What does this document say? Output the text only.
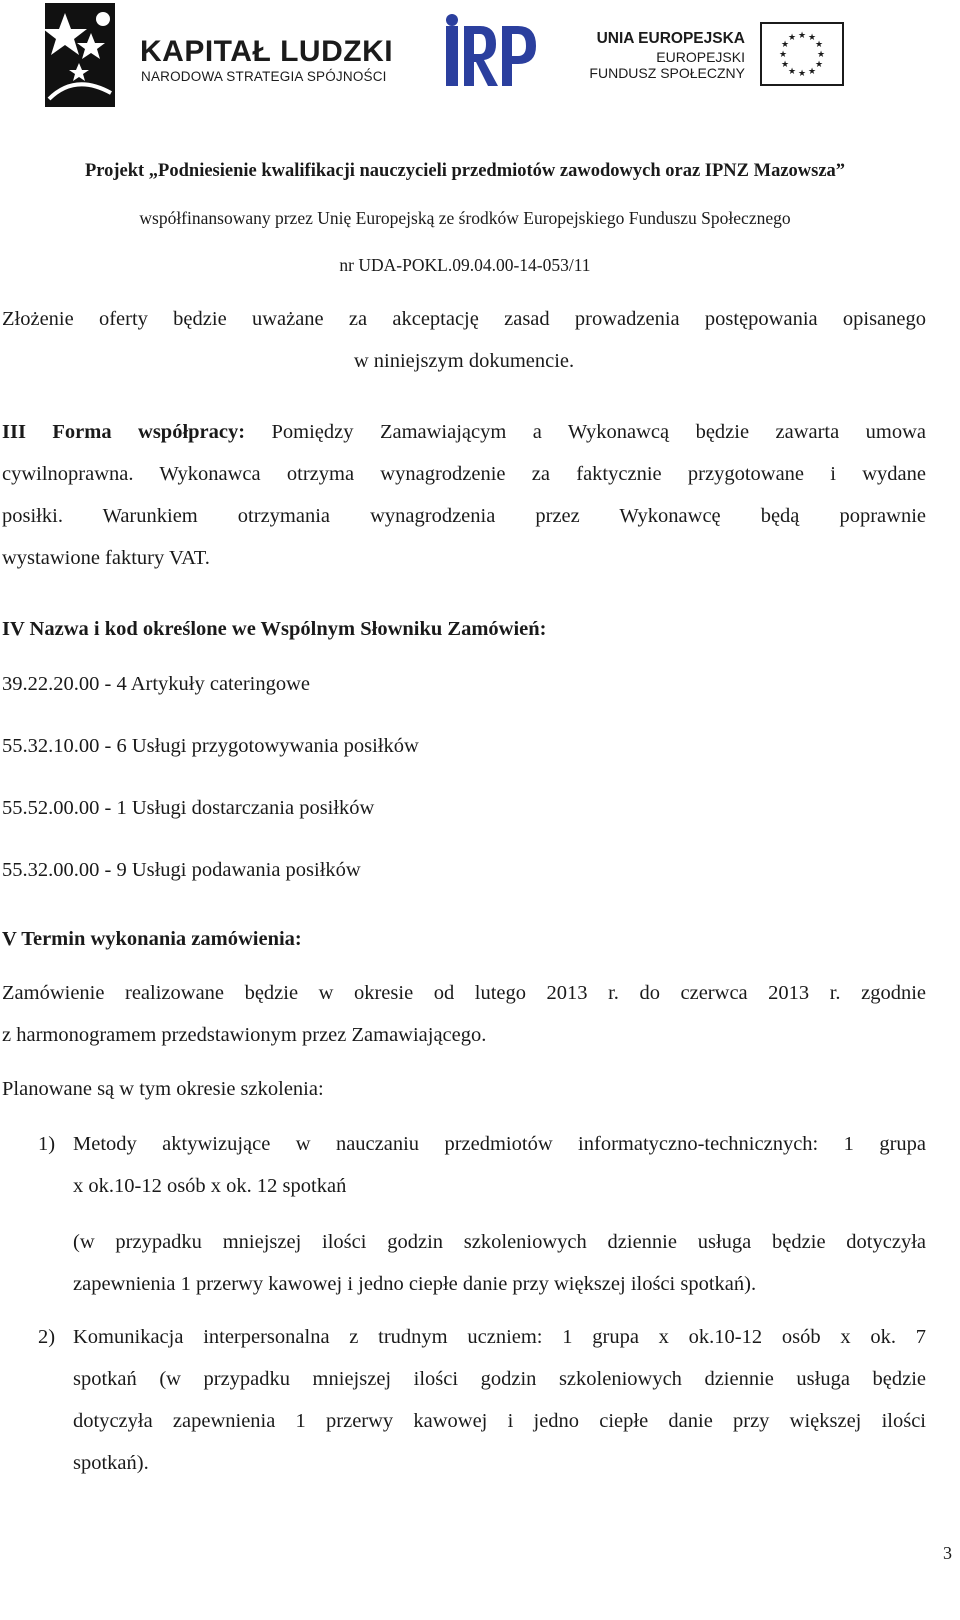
KAPITAŁ LUDZKI
NARODOWA STRATEGIA SPÓJNOŚCI
UNIA EUROPEJSKA
EUROPEJSKI
FUNDUSZ SPOŁECZNY
★ ★
★
★
★
★
★
★
★
★
★
★
Projekt „Podniesienie kwalifikacji nauczycieli przedmiotów zawodowych oraz IPNZ Mazowsza”
współfinansowany przez Unię Europejską ze środków Europejskiego Funduszu Społecznego
nr UDA-POKL.09.04.00-14-053/11
Złożenie oferty będzie uważane za akceptację zasad prowadzenia postępowania opisanego
w niniejszym dokumencie.
III Forma współpracy: Pomiędzy Zamawiającym a Wykonawcą będzie zawarta umowa
cywilnoprawna. Wykonawca otrzyma wynagrodzenie za faktycznie przygotowane i wydane
posiłki. Warunkiem otrzymania wynagrodzenia przez Wykonawcę będą poprawnie
wystawione faktury VAT.
IV Nazwa i kod określone we Wspólnym Słowniku Zamówień:
39.22.20.00 - 4 Artykuły cateringowe
55.32.10.00 - 6 Usługi przygotowywania posiłków
55.52.00.00 - 1 Usługi dostarczania posiłków
55.32.00.00 - 9 Usługi podawania posiłków
V Termin wykonania zamówienia:
Zamówienie realizowane będzie w okresie od lutego 2013 r. do czerwca 2013 r. zgodnie
z harmonogramem przedstawionym przez Zamawiającego.
Planowane są w tym okresie szkolenia:
1) Metody aktywizujące w nauczaniu przedmiotów informatyczno-technicznych: 1 grupa
x ok.10-12 osób x ok. 12 spotkań
(w przypadku mniejszej ilości godzin szkoleniowych dziennie usługa będzie dotyczyła
zapewnienia 1 przerwy kawowej i jedno ciepłe danie przy większej ilości spotkań).
2) Komunikacja interpersonalna z trudnym uczniem: 1 grupa x ok.10-12 osób x ok. 7
spotkań (w przypadku mniejszej ilości godzin szkoleniowych dziennie usługa będzie
dotyczyła zapewnienia 1 przerwy kawowej i jedno ciepłe danie przy większej ilości
spotkań).
3
